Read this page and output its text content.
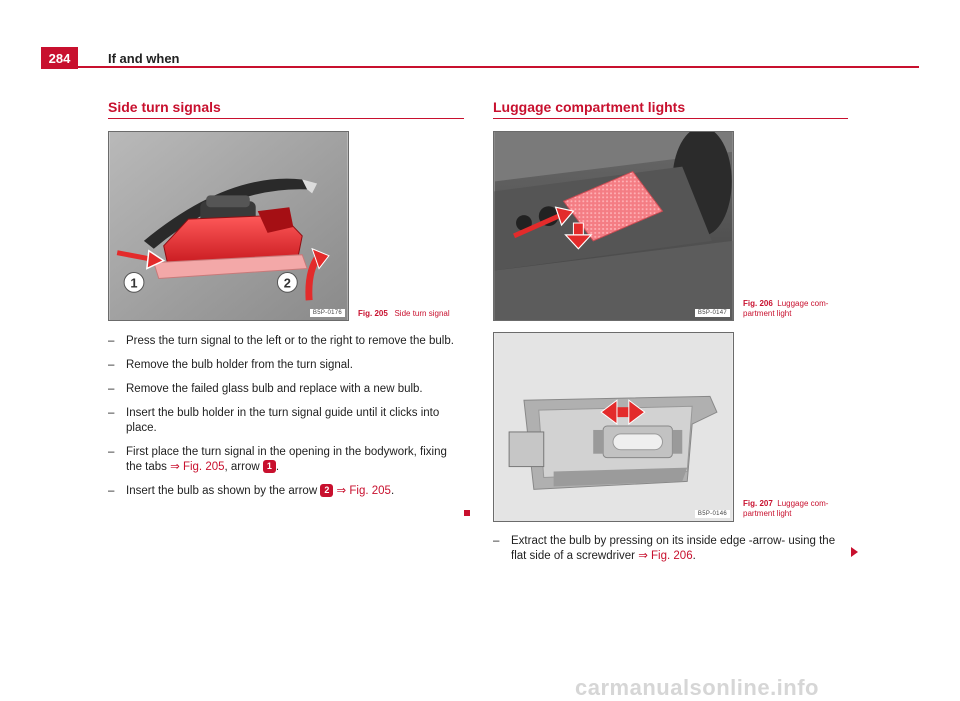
284	If and when
Side turn signals
1	2
B5P-0176	Fig. 205 Side turn signal
– Press the turn signal to the left or to the right to remove the bulb.
– Remove the bulb holder from the turn signal.
– Remove the failed glass bulb and replace with a new bulb.
– Insert the bulb holder in the turn signal guide until it clicks into place.
– First place the turn signal in the opening in the bodywork, fixing the tabs ⇒ Fig. 205, arrow 1 .
– Insert the bulb as shown by the arrow 2 ⇒ Fig. 205.
Luggage compartment lights
B5P-0147
Fig. 206 Luggage com-
partment light
B5P-0146
Fig. 207 Luggage com-
partment light
– Extract the bulb by pressing on its inside edge -arrow- using the flat side of a screwdriver ⇒ Fig. 206.
carmanualsonline.info
